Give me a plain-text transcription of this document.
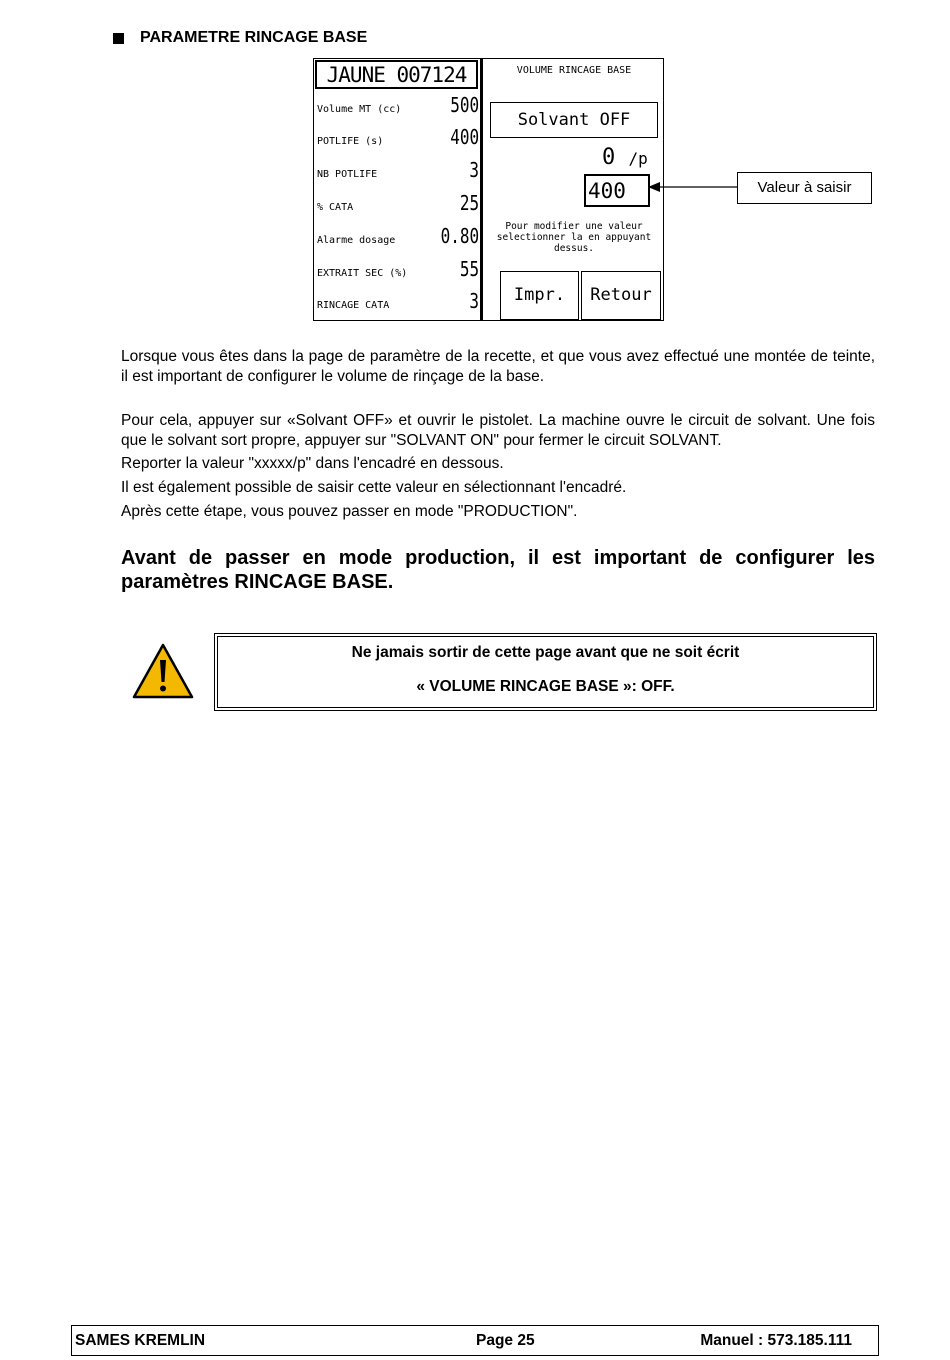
PARAMETRE RINCAGE BASE
JAUNE 007124
Volume MT (cc) 500
POTLIFE (s)	400
NB POTLIFE	3
% CATA	25
Alarme dosage 0.80
EXTRAIT SEC (%)	55
RINCAGE CATA	3
VOLUME RINCAGE BASE
Solvant OFF
0 /p
400
Pour modifier une valeur selectionner la en appuyant dessus.
Impr.	Retour
Valeur à saisir
Lorsque vous êtes dans la page de paramètre de la recette, et que vous avez effectué une montée de teinte, il est important de configurer le volume de rinçage de la base.
Pour cela, appuyer sur «Solvant OFF» et ouvrir le pistolet. La machine ouvre le circuit de solvant. Une fois que le solvant sort propre, appuyer sur "SOLVANT ON" pour fermer le circuit SOLVANT.
Reporter la valeur "xxxxx/p" dans l'encadré en dessous.
Il est également possible de saisir cette valeur en sélectionnant l'encadré.
Après cette étape, vous pouvez passer en mode "PRODUCTION".
Avant de passer en mode production, il est important de configurer les paramètres RINCAGE BASE.
Ne jamais sortir de cette page avant que ne soit écrit
« VOLUME RINCAGE BASE »: OFF.
SAMES KREMLIN	Page 25	Manuel : 573.185.111
